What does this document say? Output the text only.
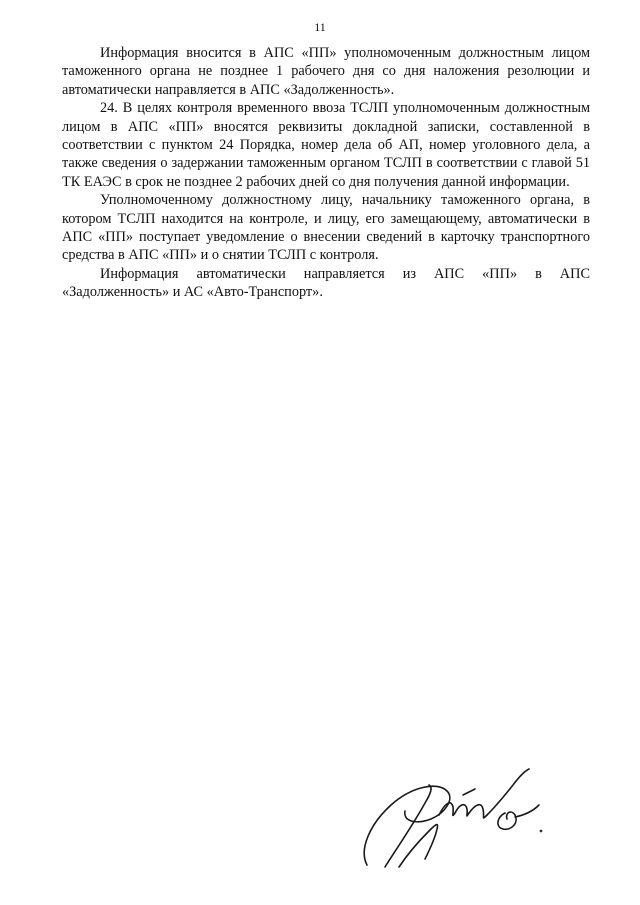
11

Информация вносится в АПС «ПП» уполномоченным должностным лицом таможенного органа не позднее 1 рабочего дня со дня наложения резолюции и автоматически направляется в АПС «Задолженность».

24. В целях контроля временного ввоза ТСЛП уполномоченным должностным лицом в АПС «ПП» вносятся реквизиты докладной записки, составленной в соответствии с пунктом 24 Порядка, номер дела об АП, номер уголовного дела, а также сведения о задержании таможенным органом ТСЛП в соответствии с главой 51 ТК ЕАЭС в срок не позднее 2 рабочих дней со дня получения данной информации.

Уполномоченному должностному лицу, начальнику таможенного органа, в котором ТСЛП находится на контроле, и лицу, его замещающему, автоматически в АПС «ПП» поступает уведомление о внесении сведений в карточку транспортного средства в АПС «ПП» и о снятии ТСЛП с контроля.

Информация автоматически направляется из АПС «ПП» в АПС «Задолженность» и АС «Авто-Транспорт».
